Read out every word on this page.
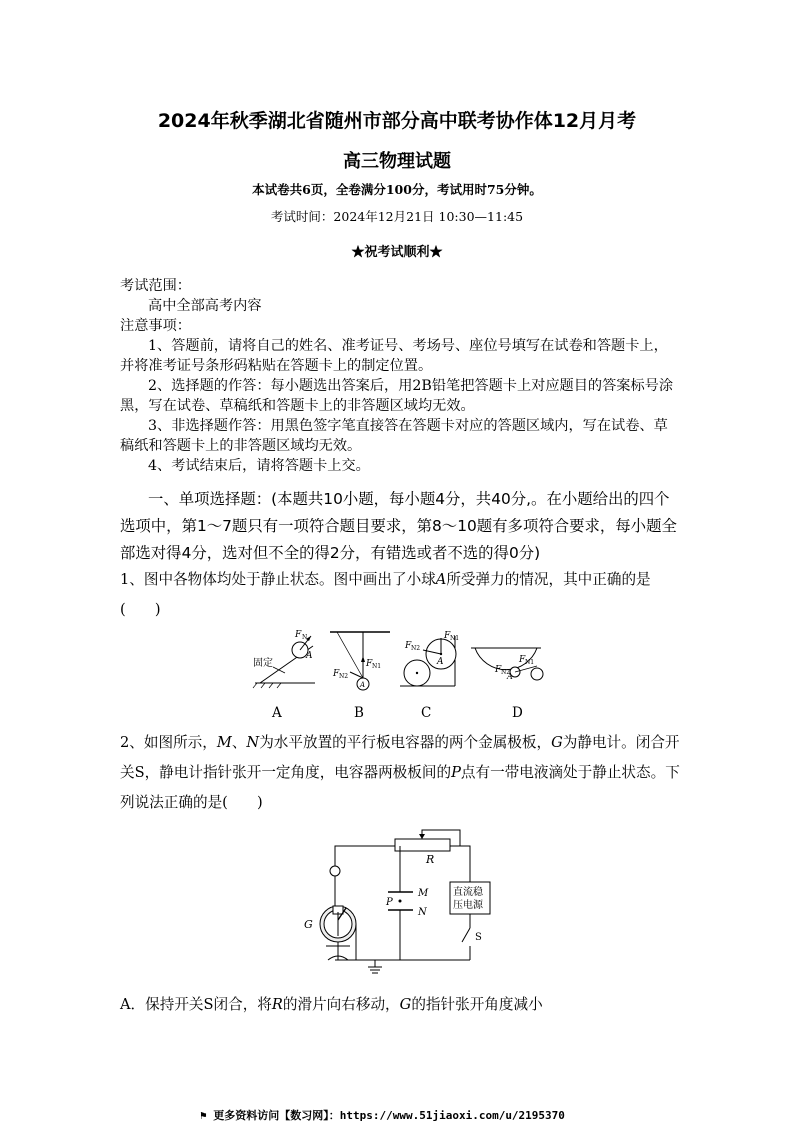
2024年秋季湖北省随州市部分高中联考协作体12月月考
高三物理试题
本试卷共6页，全卷满分100分，考试用时75分钟。
考试时间：2024年12月21日 10:30—11:45
★祝考试顺利★
考试范围：
高中全部高考内容
注意事项：
1、答题前，请将自己的姓名、准考证号、考场号、座位号填写在试卷和答题卡上，并将准考证号条形码粘贴在答题卡上的制定位置。
2、选择题的作答：每小题选出答案后，用2B铅笔把答题卡上对应题目的答案标号涂黑，写在试卷、草稿纸和答题卡上的非答题区域均无效。
3、非选择题作答：用黑色签字笔直接答在答题卡对应的答题区域内，写在试卷、草稿纸和答题卡上的非答题区域均无效。
4、考试结束后，请将答题卡上交。
一、单项选择题：(本题共10小题，每小题4分，共40分,。在小题给出的四个选项中，第1～7题只有一项符合题目要求，第8～10题有多项符合要求，每小题全部选对得4分，选对但不全的得2分，有错选或者不选的得0分)
1、图中各物体均处于静止状态。图中画出了小球A所受弹力的情况，其中正确的是(　　)
F N
A
固定
A
F N1
F N2
A
F N1
F N2
A
F N1
F N2
A	B	C	D
2、如图所示，M、N为水平放置的平行板电容器的两个金属极板，G为静电计。闭合开关S，静电计指针张开一定角度，电容器两极板间的P点有一带电液滴处于静止状态。下列说法正确的是(　　)
R
M
N
P
直流稳
压电源
S
G
A．保持开关S闭合，将R的滑片向右移动，G的指针张开角度减小
⚑ 更多资料访问【数习网】：https://www.51jiaoxi.com/u/2195370
